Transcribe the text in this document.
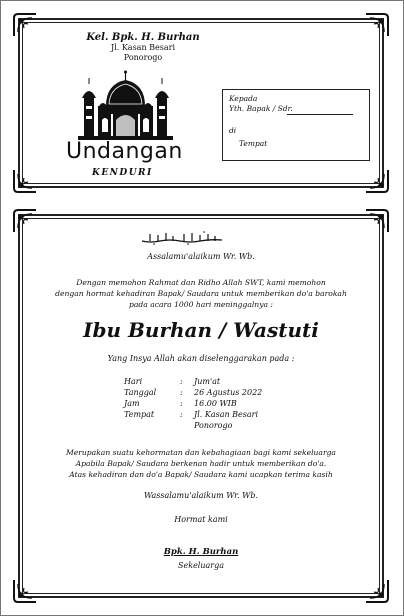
Kel. Bpk. H. Burhan
Jl. Kasan Besari
Ponorogo
Undangan
KENDURI
Kepada
Yth. Bapak / Sdr.
di
Tempat
Assalamu'alaikum Wr. Wb.
Dengan memohon Rahmat dan Ridho Allah SWT, kami memohon
dengan hormat kehadiran Bapak/ Saudara untuk memberikan do'a barokah
pada acara 1000 hari meninggalnya :
Ibu Burhan / Wastuti
Yang Insya Allah akan diselenggarakan pada :
Hari	:	Jum'at
Tanggal	:	26 Agustus 2022
Jam	:	16.00 WIB
Tempat	:	Jl. Kasan Besari
Ponorogo
Merupakan suatu kehormatan dan kebahagiaan bagi kami sekeluarga
Apabila Bapak/ Saudara berkenan hadir untuk memberikan do'a.
Atas kehadiran dan do'a Bapak/ Saudara kami ucapkan terima kasih
Wassalamu'alaikum Wr. Wb.
Hormat kami
Bpk. H. Burhan
Sekeluarga
